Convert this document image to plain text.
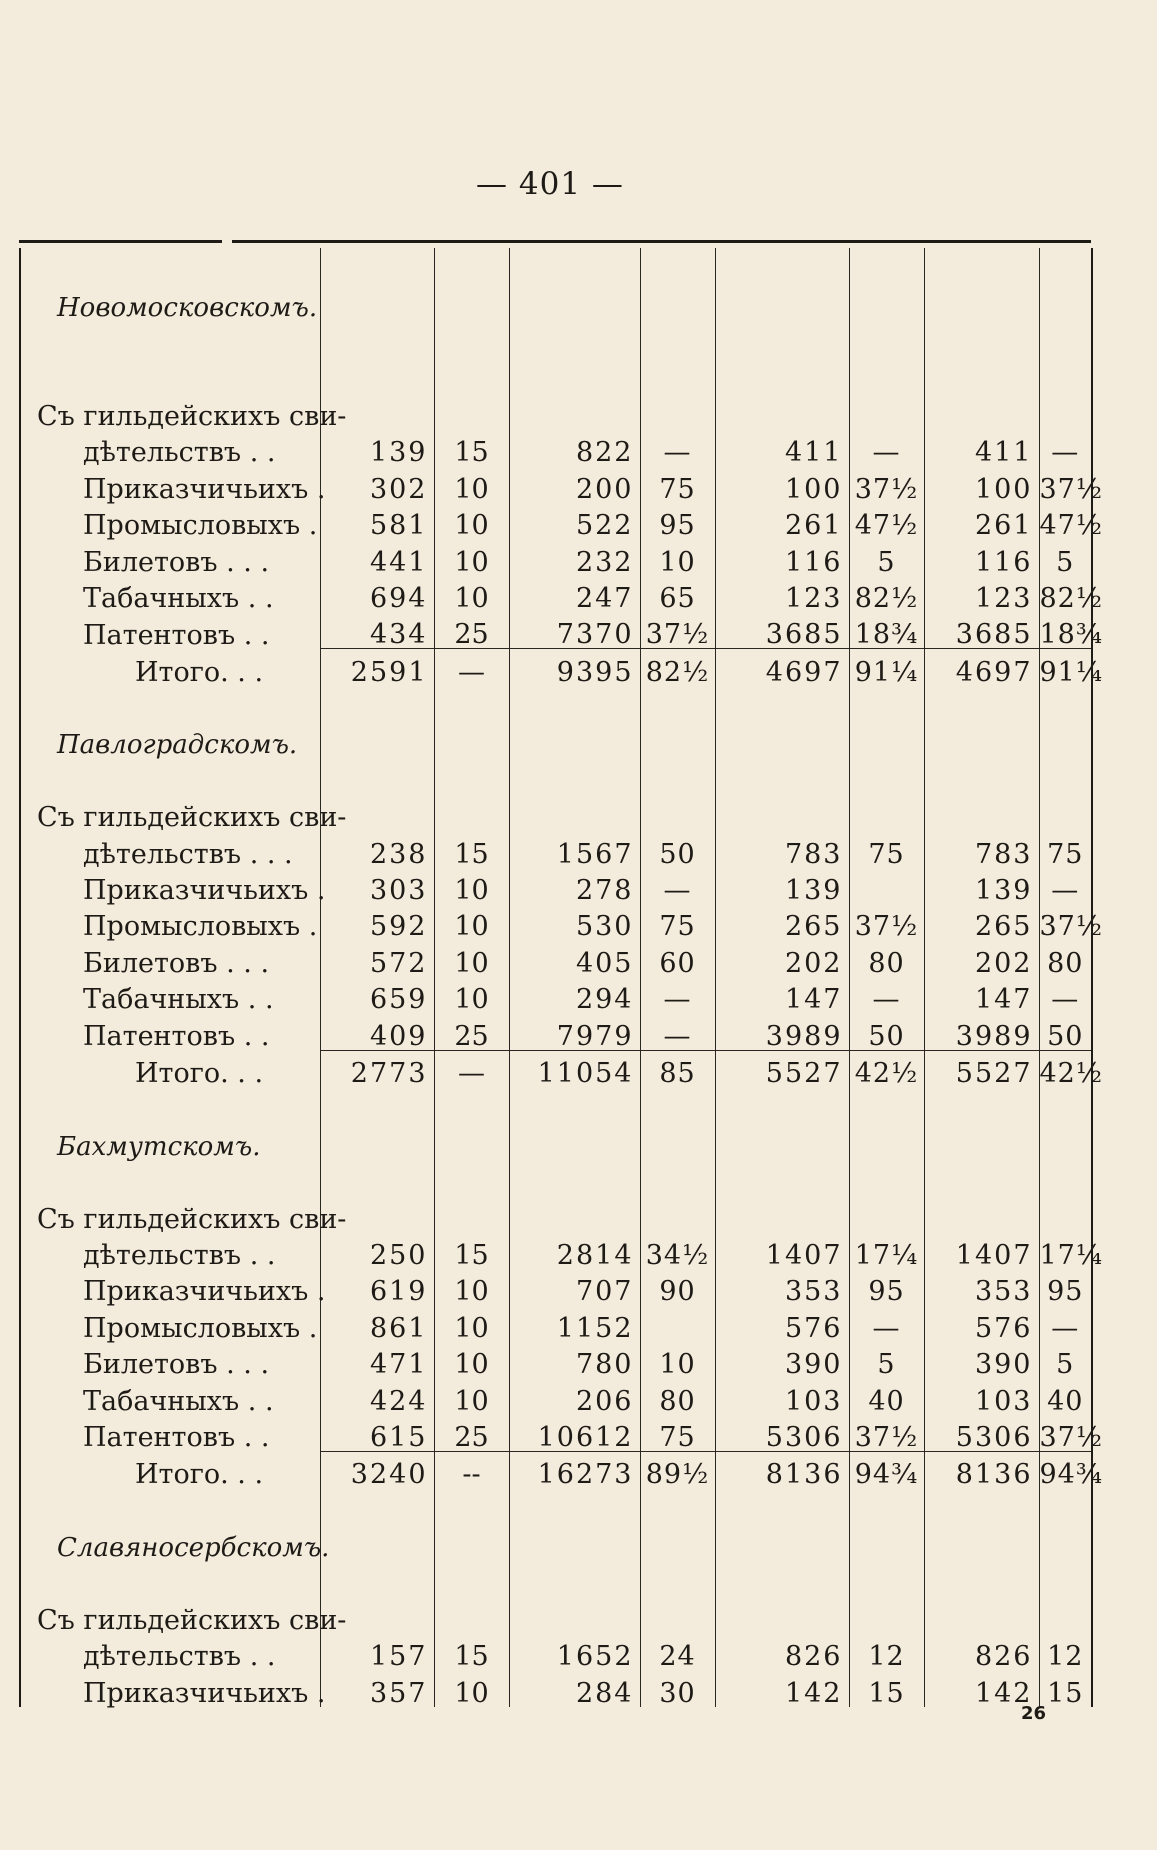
— 401 —

Новомосковскомъ.								

Съ гильдейскихъ сви-								
дѣтельствъ . .	139	15	822	—	411	—	411	—
Приказчичьихъ .	302	10	200	75	100	37½	100	37½
Промысловыхъ .	581	10	522	95	261	47½	261	47½
Билетовъ . . .	441	10	232	10	116	5	116	5
Табачныхъ . .	694	10	247	65	123	82½	123	82½
Патентовъ . .	434	25	7370	37½	3685	18¾	3685	18¾
Итого. . .	2591	—	9395	82½	4697	91¼	4697	91¼

Павлоградскомъ.								

Съ гильдейскихъ сви-								
дѣтельствъ . . .	238	15	1567	50	783	75	783	75
Приказчичьихъ .	303	10	278	—	139		139	—
Промысловыхъ .	592	10	530	75	265	37½	265	37½
Билетовъ . . .	572	10	405	60	202	80	202	80
Табачныхъ . .	659	10	294	—	147	—	147	—
Патентовъ . .	409	25	7979	—	3989	50	3989	50
Итого. . .	2773	—	11054	85	5527	42½	5527	42½

Бахмутскомъ.								

Съ гильдейскихъ сви-								
дѣтельствъ . .	250	15	2814	34½	1407	17¼	1407	17¼
Приказчичьихъ .	619	10	707	90	353	95	353	95
Промысловыхъ .	861	10	1152		576	—	576	—
Билетовъ . . .	471	10	780	10	390	5	390	5
Табачныхъ . .	424	10	206	80	103	40	103	40
Патентовъ . .	615	25	10612	75	5306	37½	5306	37½
Итого. . .	3240	--	16273	89½	8136	94¾	8136	94¾

Славяносербскомъ.								

Съ гильдейскихъ сви-								
дѣтельствъ . .	157	15	1652	24	826	12	826	12
Приказчичьихъ .	357	10	284	30	142	15	142	15
26
